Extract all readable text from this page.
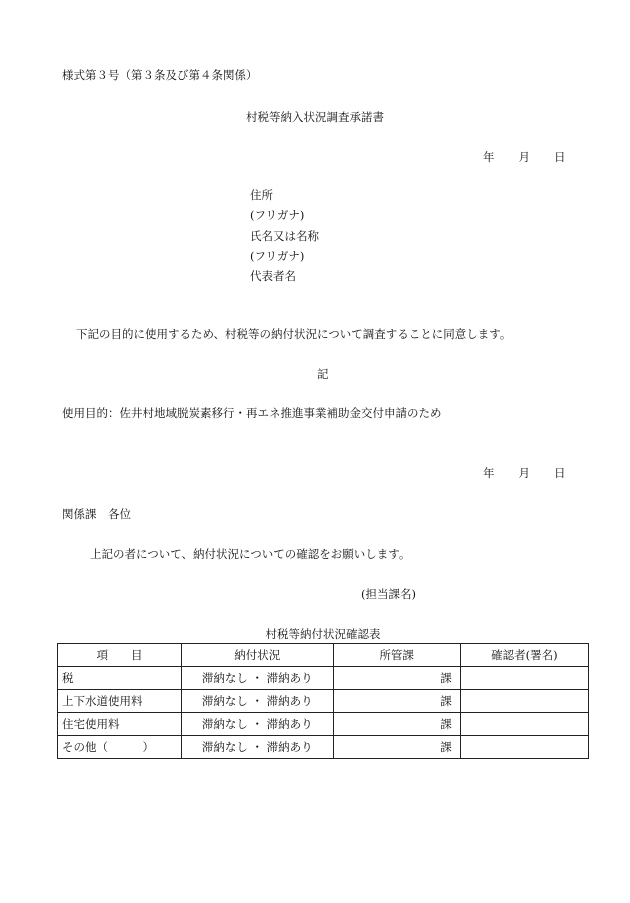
様式第３号（第３条及び第４条関係）
村税等納入状況調査承諾書
年 月 日
住所
(フリガナ)
氏名又は名称
(フリガナ)
代表者名
下記の目的に使用するため、村税等の納付状況について調査することに同意します。
記
使用目的：佐井村地域脱炭素移行・再エネ推進事業補助金交付申請のため
年 月 日
関係課　各位
上記の者について、納付状況についての確認をお願いします。
(担当課名)
村税等納付状況確認表
項　　目	納付状況	所管課	確認者(署名)
税	滞納なし ・ 滞納あり	課	
上下水道使用料	滞納なし ・ 滞納あり	課	
住宅使用料	滞納なし ・ 滞納あり	課	
その他（　　　）	滞納なし ・ 滞納あり	課	
